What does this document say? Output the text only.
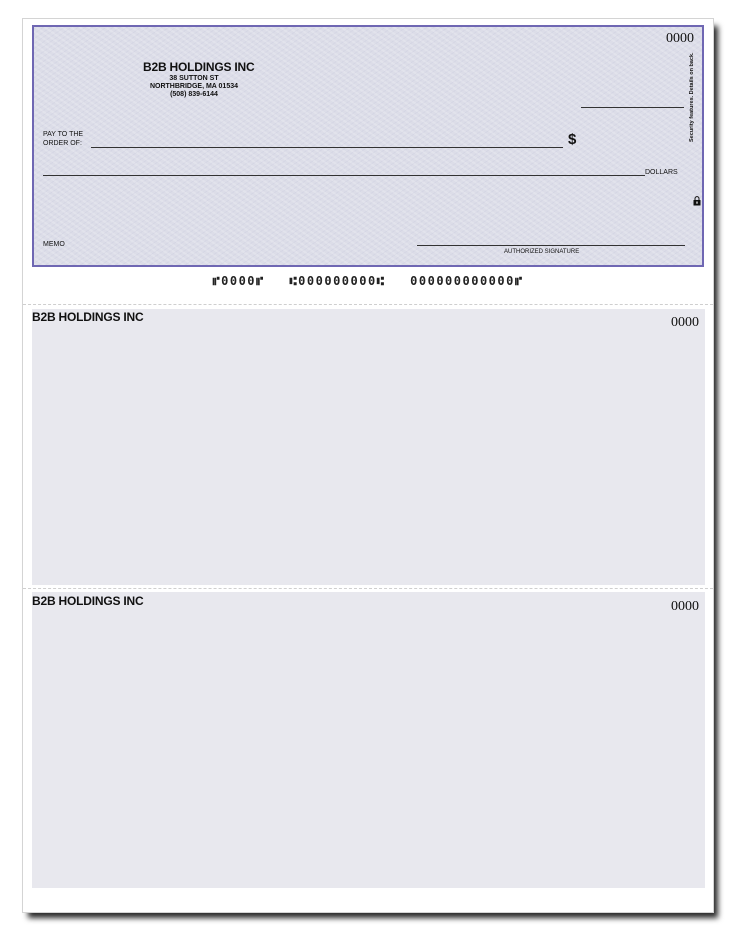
0000
B2B HOLDINGS INC
38 SUTTON ST
NORTHBRIDGE, MA 01534
(508) 839-6144
PAY TO THE
ORDER OF:	$
DOLLARS
MEMO
AUTHORIZED SIGNATURE
Security features. Details on back.
⑈0000⑈ ⑆000000000⑆ 000000000000⑈
B2B HOLDINGS INC	0000
B2B HOLDINGS INC	0000
